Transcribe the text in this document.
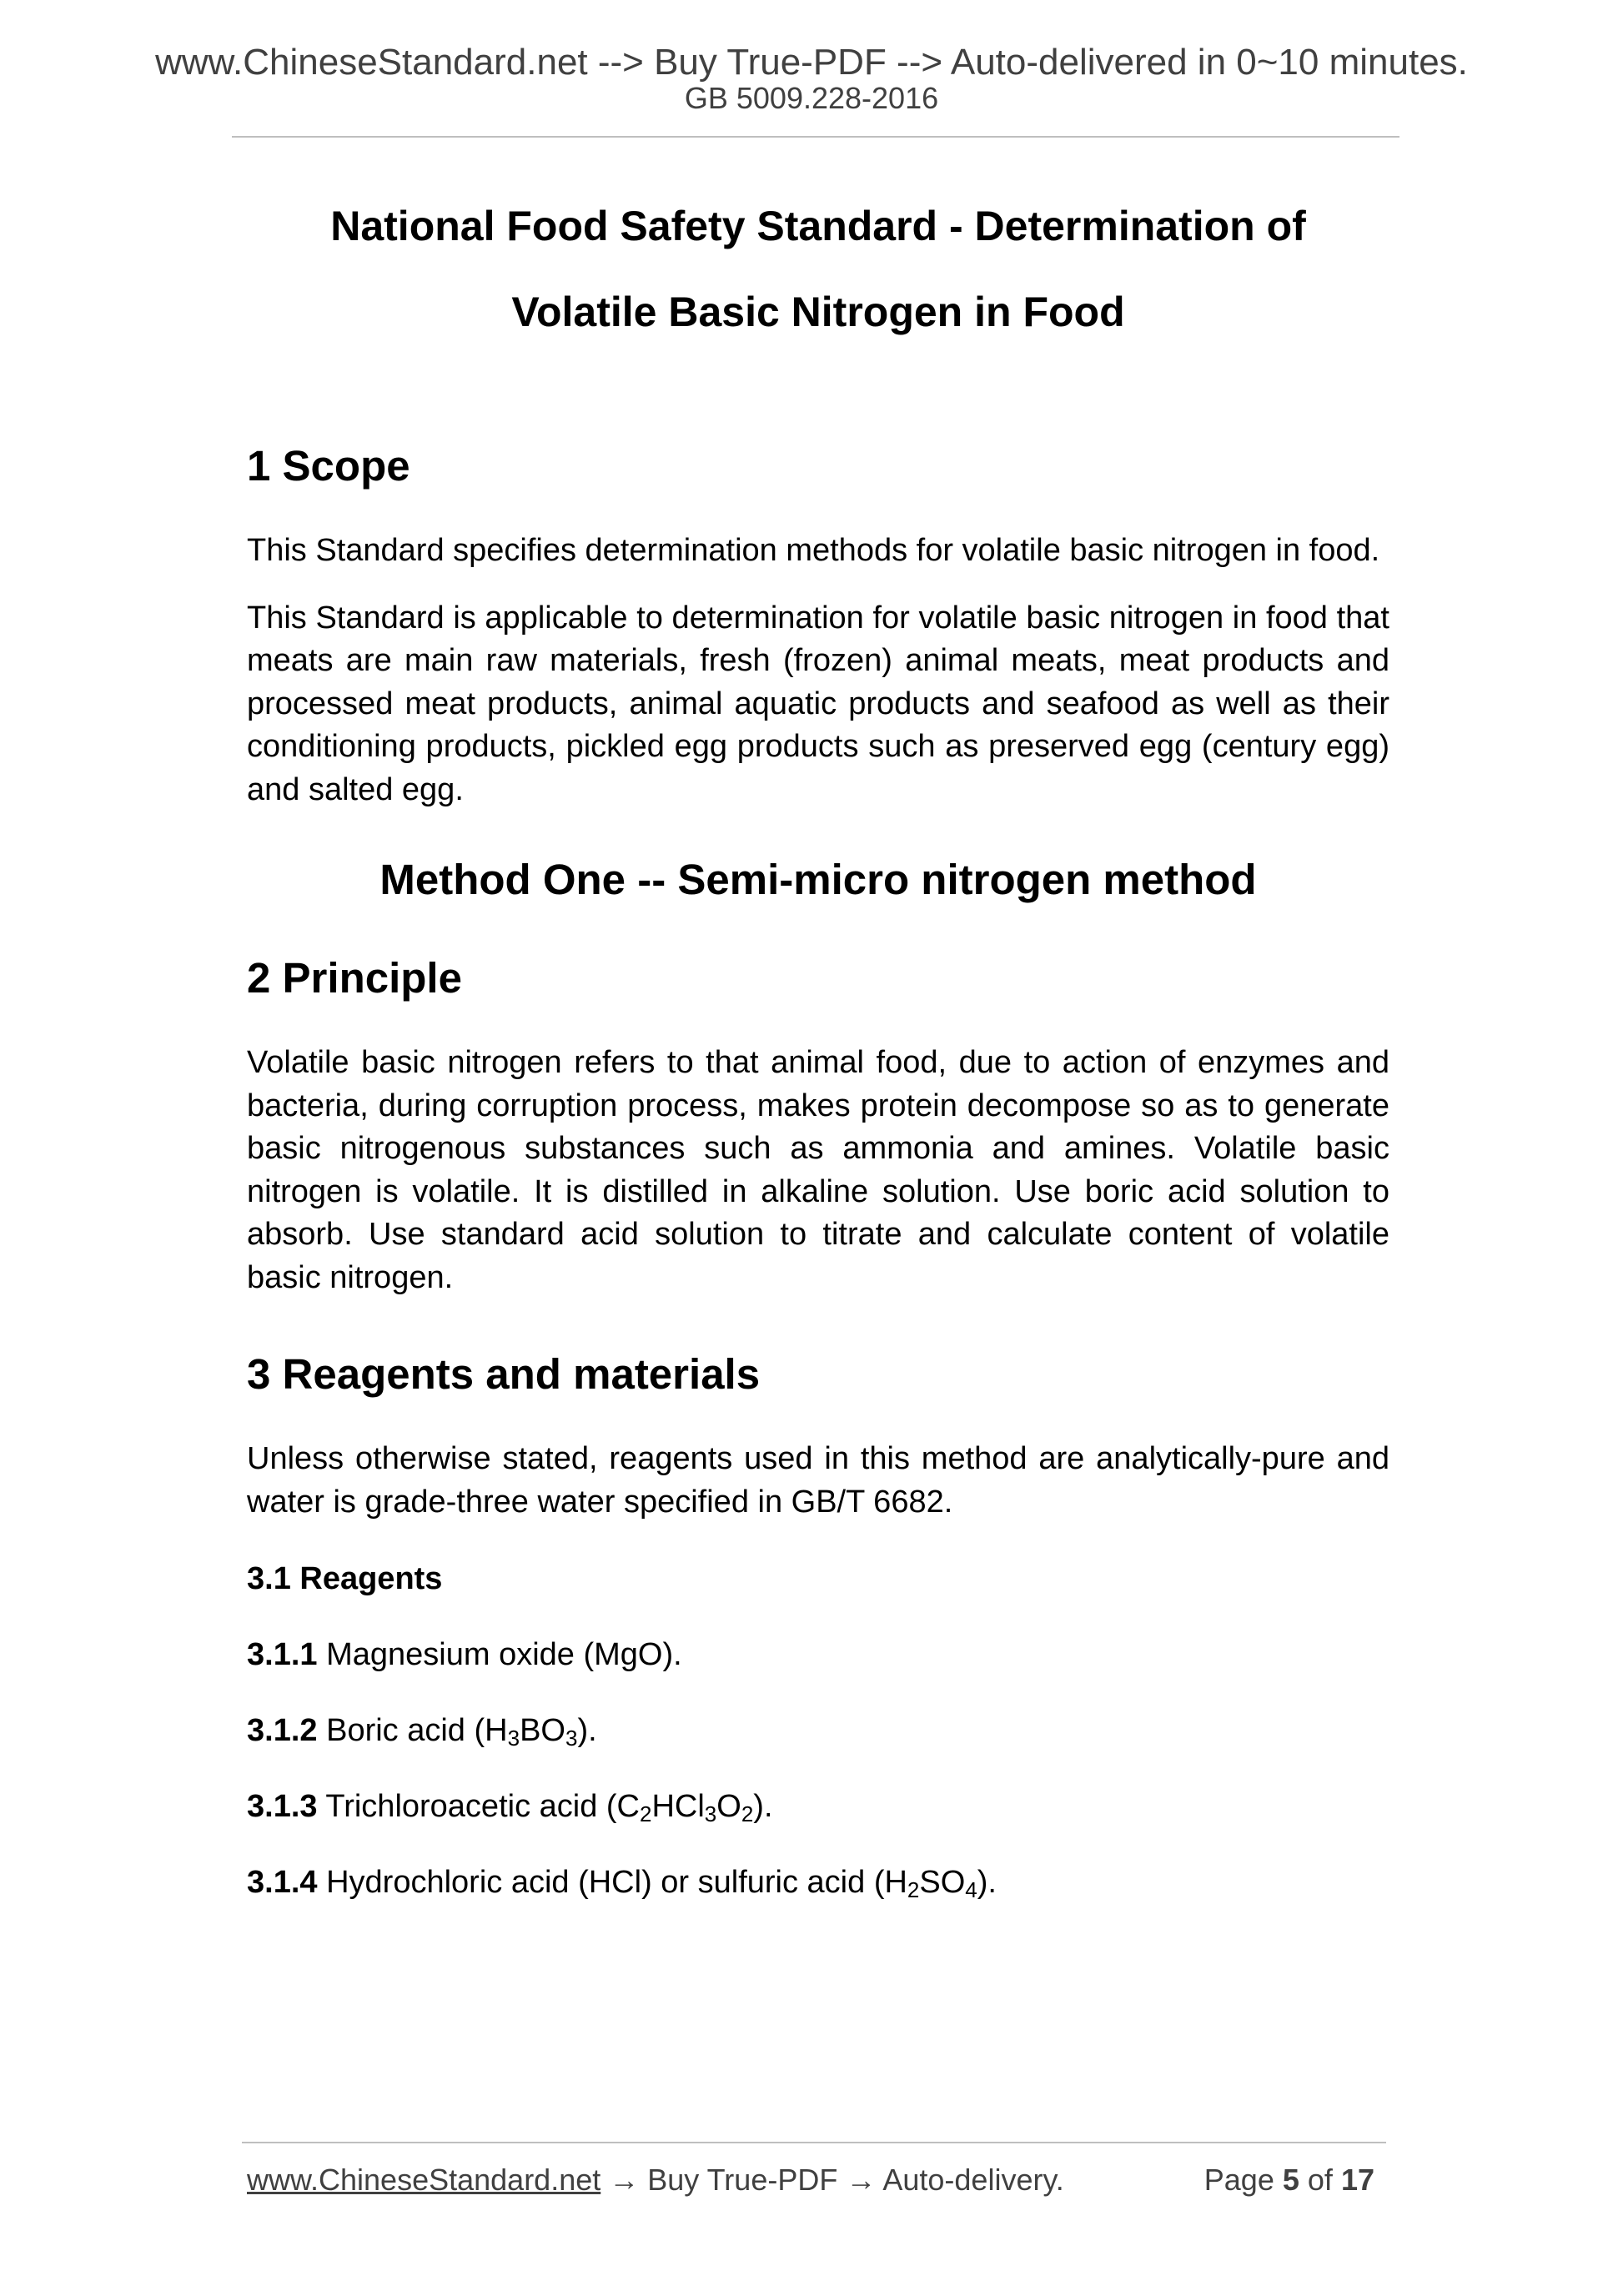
www.ChineseStandard.net --> Buy True-PDF --> Auto-delivered in 0~10 minutes.
GB 5009.228-2016

National Food Safety Standard - Determination of

Volatile Basic Nitrogen in Food

1 Scope

This Standard specifies determination methods for volatile basic nitrogen in food.

This Standard is applicable to determination for volatile basic nitrogen in food that meats are main raw materials, fresh (frozen) animal meats, meat products and processed meat products, animal aquatic products and seafood as well as their conditioning products, pickled egg products such as preserved egg (century egg) and salted egg.

Method One -- Semi-micro nitrogen method

2 Principle

Volatile basic nitrogen refers to that animal food, due to action of enzymes and bacteria, during corruption process, makes protein decompose so as to generate basic nitrogenous substances such as ammonia and amines. Volatile basic nitrogen is volatile. It is distilled in alkaline solution. Use boric acid solution to absorb. Use standard acid solution to titrate and calculate content of volatile basic nitrogen.

3 Reagents and materials

Unless otherwise stated, reagents used in this method are analytically-pure and water is grade-three water specified in GB/T 6682.

3.1 Reagents

3.1.1 Magnesium oxide (MgO).

3.1.2 Boric acid $(H_3BO_3)$.

3.1.3 Trichloroacetic acid $(C_2HCl_3O_2)$.

3.1.4 Hydrochloric acid (HCl) or sulfuric acid $(H_2SO_4)$.

www.ChineseStandard.net → Buy True-PDF → Auto-delivery.	Page 5 of 17
